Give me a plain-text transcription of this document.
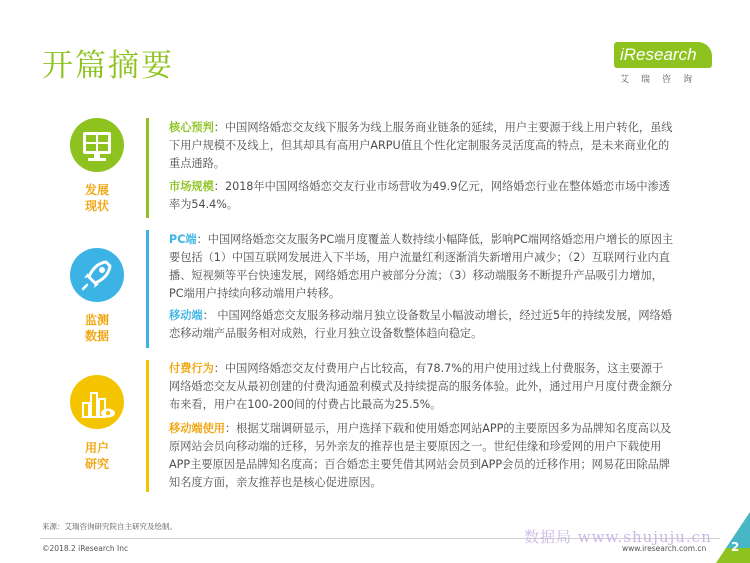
开篇摘要	iResearch
艾瑞咨询
发展
现状
核心预判：中国网络婚恋交友线下服务为线上服务商业链条的延续，用户主要源于线上用户转化，虽线下用户规模不及线上，但其却具有高用户ARPU值且个性化定制服务灵活度高的特点，是未来商业化的重点通路。
市场规模：2018年中国网络婚恋交友行业市场营收为49.9亿元，网络婚恋行业在整体婚恋市场中渗透率为54.4%。
监测
数据
PC端：中国网络婚恋交友服务PC端月度覆盖人数持续小幅降低，影响PC端网络婚恋用户增长的原因主要包括（1）中国互联网发展进入下半场，用户流量红利逐渐消失新增用户减少；（2）互联网行业内直播、短视频等平台快速发展，网络婚恋用户被部分分流；（3）移动端服务不断提升产品吸引力增加，PC端用户持续向移动端用户转移。
移动端： 中国网络婚恋交友服务移动端月独立设备数呈小幅波动增长，经过近5年的持续发展，网络婚恋移动端产品服务相对成熟，行业月独立设备数整体趋向稳定。
用户
研究
付费行为：中国网络婚恋交友付费用户占比较高，有78.7%的用户使用过线上付费服务，这主要源于网络婚恋交友从最初创建的付费沟通盈利模式及持续提高的服务体验。此外，通过用户月度付费金额分布来看，用户在100-200间的付费占比最高为25.5%。
移动端使用：根据艾瑞调研显示，用户选择下载和使用婚恋网站APP的主要原因多为品牌知名度高以及原网站会员向移动端的迁移，另外亲友的推荐也是主要原因之一。世纪佳缘和珍爱网的用户下载使用APP主要原因是品牌知名度高；百合婚恋主要凭借其网站会员到APP会员的迁移作用；网易花田除品牌知名度方面，亲友推荐也是核心促进原因。
来源：艾瑞咨询研究院自主研究及绘制。
©2018.2 iResearch Inc
数据局 www.shujuju.cn
www.iresearch.com.cn 2
